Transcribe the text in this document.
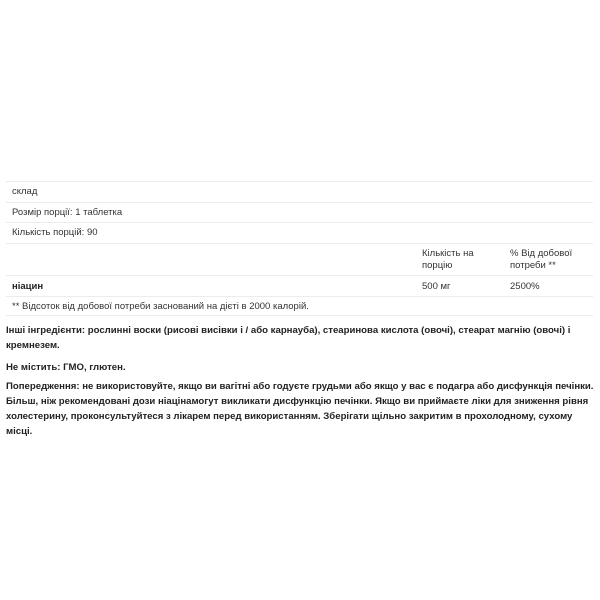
склад
Розмір порції: 1 таблетка
Кількість порцій: 90
Кількість на порцію
% Від добової потреби **
ніацин	500 мг	2500%
** Відсоток від добової потреби заснований на дієті в 2000 калорій.
Інші інгредієнти: рослинні воски (рисові висівки і / або карнауба), стеаринова кислота (овочі), стеарат магнію (овочі) і кремнезем.
Не містить: ГМО, глютен.
Попередження: не використовуйте, якщо ви вагітні або годуєте грудьми або якщо у вас є подагра або дисфункція печінки. Більш, ніж рекомендовані дози ніацінамогут викликати дисфункцію печінки. Якщо ви приймаєте ліки для зниження рівня холестерину, проконсультуйтеся з лікарем перед використанням. Зберігати щільно закритим в прохолодному, сухому місці.
